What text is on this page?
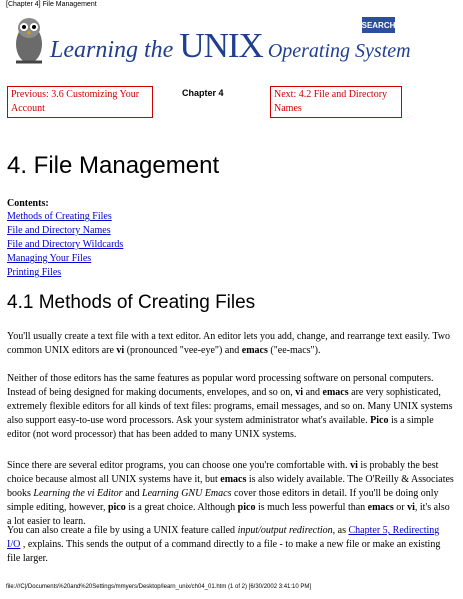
[Chapter 4] File Management
Learning the UNIX Operating System
SEARCH
Previous: 3.6 Customizing Your Account
Chapter 4	Next: 4.2 File and Directory Names
4. File Management
Contents:
Methods of Creating Files
File and Directory Names
File and Directory Wildcards
Managing Your Files
Printing Files
4.1 Methods of Creating Files

You'll usually create a text file with a text editor. An editor lets you add, change, and rearrange text easily. Two common UNIX editors are vi (pronounced "vee-eye") and emacs ("ee-macs").

Neither of those editors has the same features as popular word processing software on personal computers. Instead of being designed for making documents, envelopes, and so on, vi and emacs are very sophisticated, extremely flexible editors for all kinds of text files: programs, email messages, and so on. Many UNIX systems also support easy-to-use word processors. Ask your system administrator what's available. Pico is a simple editor (not word processor) that has been added to many UNIX systems.

Since there are several editor programs, you can choose one you're comfortable with. vi is probably the best choice because almost all UNIX systems have it, but emacs is also widely available. The O'Reilly & Associates books Learning the vi Editor and Learning GNU Emacs cover those editors in detail. If you'll be doing only simple editing, however, pico is a great choice. Although pico is much less powerful than emacs or vi, it's also a lot easier to learn.

You can also create a file by using a UNIX feature called input/output redirection, as Chapter 5, Redirecting I/O , explains. This sends the output of a command directly to a file - to make a new file or make an existing file larger.

file:///C|/Documents%20and%20Settings/mmyers/Desktop/learn_unix/ch04_01.htm (1 of 2) [6/30/2002 3:41:10 PM]
